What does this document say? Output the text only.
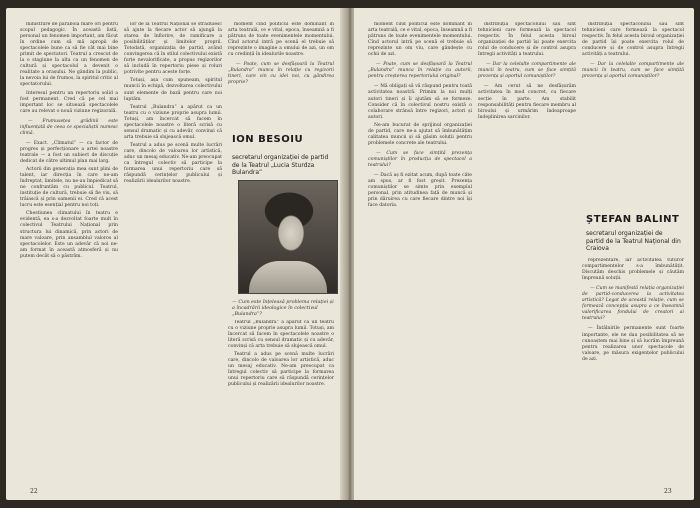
ministrare de parabola mare ori pentru scopul pedagogic. În această listă, personal un fenomen important, am făcut în ordine cum să mă apropii de spectacolele bune ca să fie cât mai bine primit de spectatori. Teatrul a crescut de la o stagiune la alta ca un fenomen de cultură și spectacolul a devenit o realitate a orașului. Ne gândim la public, la nevoia lui de frumos, la spiritul critic al spectatorului.

Interesul pentru un repertoriu solid a fost permanent. Cred că pe cel mai important loc se situează spectacolele care au relevat o nouă viziune regizorală.

— Frumusețea grădinii este influențată de ceea ce specialiștii numesc climă.

— Exact. „Climatul” — ca factor de progres și perfecționare a artei noastre teatrale — a fost un subiect de discuție dedicat de către ultimul plan mai larg.

Actorii din generația mea sunt plini de talent, iar direcția în care ne-am îndreptat, limitele, nu ne-au împiedicat să ne confruntăm cu publicul. Teatrul, instituție de cultură, trebuie să fie viu, să trăiască și prin oamenii ei. Cred că acest lucru este esențial pentru noi toți.

Chestiunea climatului în teatru e evidentă, ea s-a dezvoltat foarte mult în colectivul Teatrului Național prin structura lui dinamică, prin actori de mare valoare, prin ansamblul valoros al spectacolelor. Este un adevăr că noi ne-am format în această atmosferă și nu putem decât să o păstrăm.

lor de la Teatrul Național se străduiesc să ajute la fiecare actor să ajungă la starea de înflorire, de ramificare a posibilităților și limitelor proprii. Totodată, organizația de partid, având convingerea că în stilul colectivului există forțe nevalorificate, a propus regizorilor să includă în repertoriu piese și roluri potrivite pentru aceste forțe.

Totuși, așa cum spuneam, spiritul muncii în echipă, dezvoltarea colectivului sunt elemente de bază pentru care noi luptăm.

Teatrul „Bulandra” a apărut ca un teatru cu o viziune proprie asupra lumii. Totuși, am încercat să facem în spectacolele noastre o literă scrisă cu sensul dramatic și cu adevăr, convinși că arta trebuie să slujească omul.

Teatrul a adus pe scenă multe lucrări care, dincolo de valoarea lor artistică, aduc un mesaj educativ. Ne-am preocupat ca întregul colectiv să participe la formarea unui repertoriu care să răspundă cerințelor publicului și realizării idealurilor noastre.

moment cînd politicul este dominant în arta teatrală, ce e vital, epoca, înseamnă a fi pătruns de toate evenimentele momentului. Cînd actorul intră pe scenă el trebuie să reprezinte o imagine a omului de azi, un om cu credință în idealurile noastre.

— Poate, cum se desfășoară la Teatrul „Bulandra” munca în relație cu regizorii tineri, care vin cu idei noi, cu gândirea proprie?

ION BESOIU
secretarul organizației de partid de la Teatrul „Lucia Sturdza Bulandra”
— Cum este înțeleasă problema relației și a încadrării ideologice în colectivul „Bulandra”?

Teatrul „Bulandra” a apărut ca un teatru cu o viziune proprie asupra lumii. Totuși, am încercat să facem în spectacolele noastre o literă scrisă cu sensul dramatic și cu adevăr, convinși că arta trebuie să slujească omul.

Teatrul a adus pe scenă multe lucrări care, dincolo de valoarea lor artistică, aduc un mesaj educativ. Ne-am preocupat ca întregul colectiv să participe la formarea unui repertoriu care să răspundă cerințelor publicului și realizării idealurilor noastre.

22

moment cînd politicul este dominant în arta teatrală, ce e vital, epoca, înseamnă a fi pătruns de toate evenimentele momentului. Cînd actorul intră pe scenă el trebuie să reprezinte un om viu, care gândește cu ochii de azi.

— Poate, cum se desfășoară la Teatrul „Bulandra” munca în relație cu autorii, pentru creșterea repertoriului original?

— Mă obligați să vă răspund pentru toată activitatea noastră. Primim la noi mulți autori tineri și îi ajutăm să se formeze. Consider că în colectivul nostru există o colaborare strânsă între regizori, actori și autori.

Ne-am bucurat de sprijinul organizației de partid, care ne-a ajutat să îmbunătățim calitatea muncii și să găsim soluții pentru problemele concrete ale teatrului.

— Cum se face simțită prezența comuniștilor în producția de spectacol a teatrului?

— Dacă aș fi ezitat acum, după toate câte am spus, ar fi fost greșit. Prezența comuniștilor se simte prin exemplul personal, prin atitudinea față de muncă și prin dăruirea cu care fiecare dintre noi își face datoria.

distribuția spectacolului sau sint tehnicieni care formează la spectacol respectiv. În felul acesta biroul organizației de partid își poate exercita rolul de conducere și de control asupra întregii activități a teatrului.

— Dar la celelalte compartimente ale muncii în teatru, cum se face simțită prezența și aportul comuniștilor?

— Am cerut să ne desfășurăm activitatea în mod concret, cu fiecare secție în parte. Am stabilit responsabilități pentru fiecare membru al biroului și urmărim îndeaproape îndeplinirea sarcinilor.

distribuția spectacolului sau sint tehnicieni care formează la spectacol respectiv. În felul acesta biroul organizației de partid își poate exercita rolul de conducere și de control asupra întregii activități a teatrului.

— Dar la celelalte compartimente ale muncii în teatru, cum se face simțită prezența și aportul comuniștilor?

ȘTEFAN BALINT
secretarul organizației de partid de la Teatrul Național din Craiova

reprezentare, iar activitatea tuturor compartimentelor s-a îmbunătățit. Discutăm deschis problemele și căutăm împreună soluții.

— Cum se manifestă relația organizației de partid-conducerea la activitatea artistică? Legat de această relație, cum se formează concepția asupra a ce înseamnă valorificarea fondului de creatori ai teatrului?

— Întâlnirile permanente sunt foarte importante, ele ne dau posibilitatea să ne cunoaștem mai bine și să lucrăm împreună pentru realizarea unor spectacole de valoare, pe măsura exigențelor publicului de azi.

23
